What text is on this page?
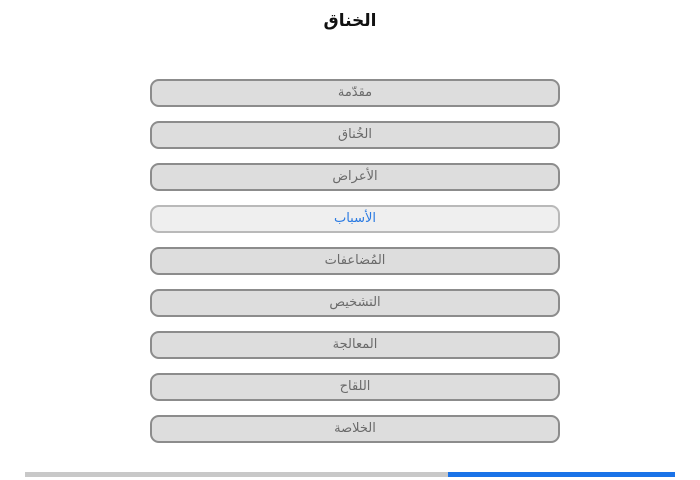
الخناق
مقدّمة
الخُناق
الأعراض
الأسباب
المُضاعفات
التشخيص
المعالجة
اللقاح
الخلاصة
